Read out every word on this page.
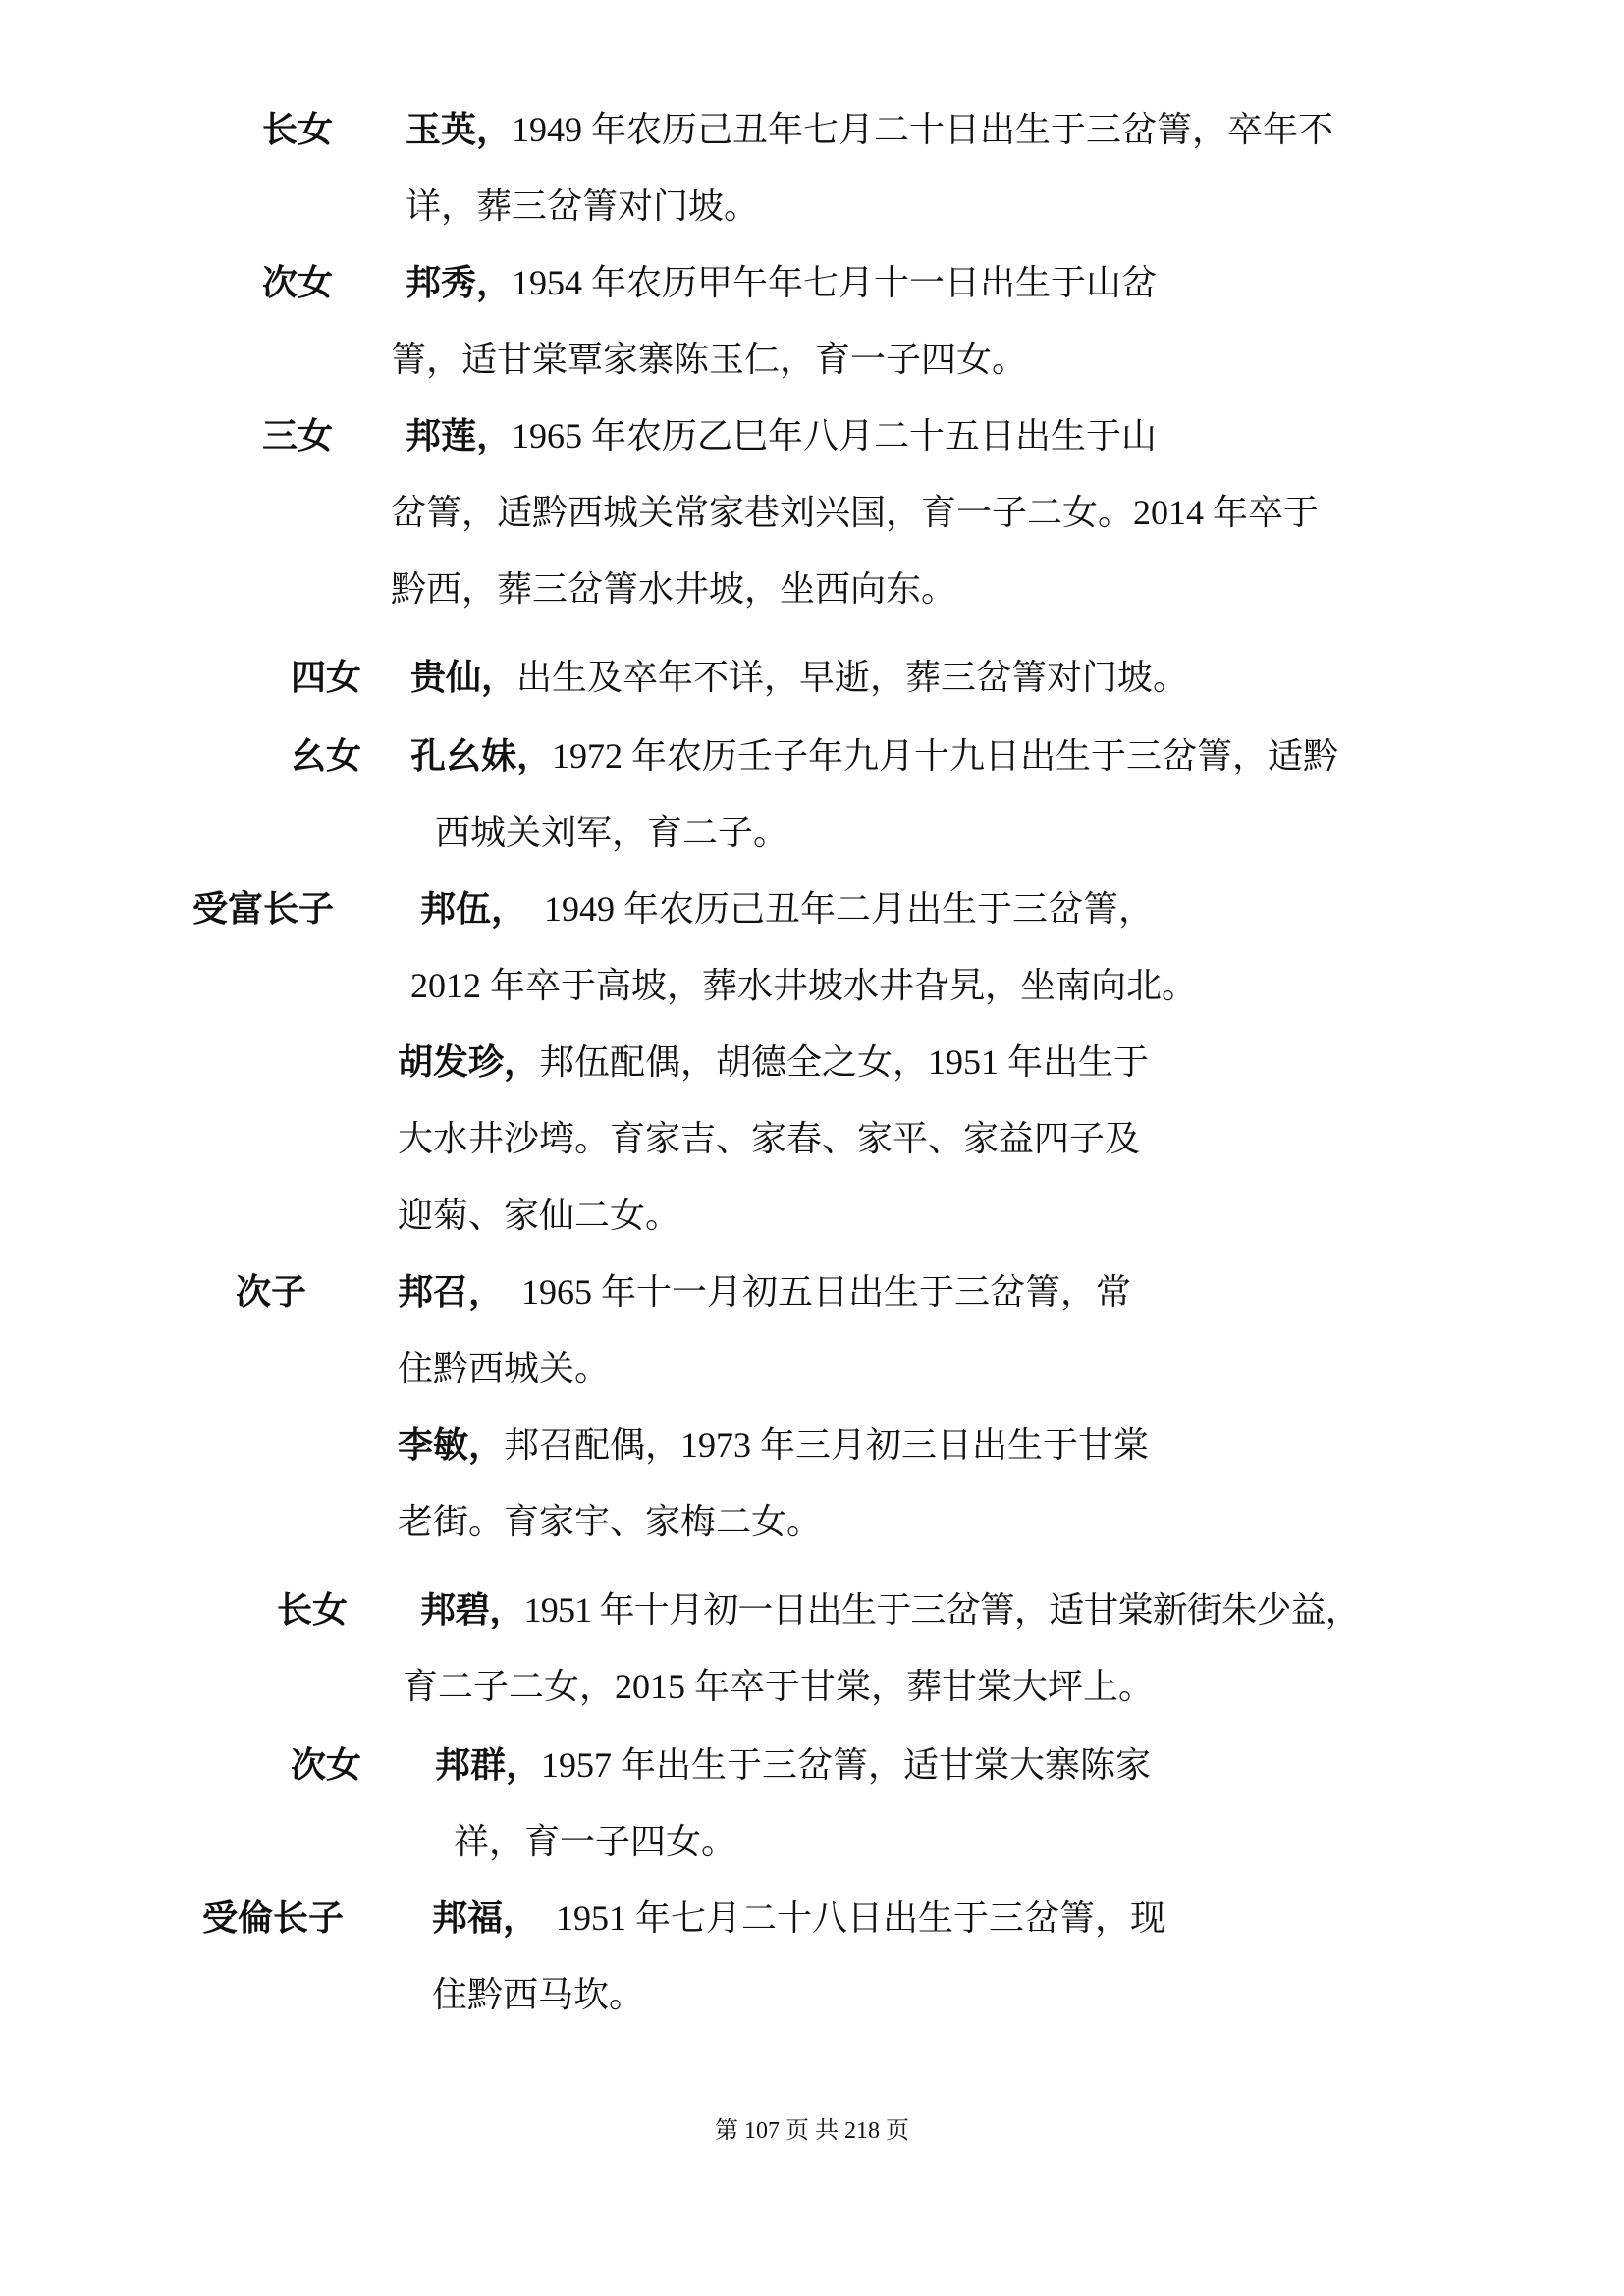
长女 玉英，1949 年农历己丑年七月二十日出生于三岔箐，卒年不
详，葬三岔箐对门坡。
次女 邦秀，1954 年农历甲午年七月十一日出生于山岔
箐，适甘棠覃家寨陈玉仁，育一子四女。
三女 邦莲，1965 年农历乙巳年八月二十五日出生于山
岔箐，适黔西城关常家巷刘兴国，育一子二女。2014 年卒于
黔西，葬三岔箐水井坡，坐西向东。
四女 贵仙，出生及卒年不详，早逝，葬三岔箐对门坡。
幺女 孔幺妹，1972 年农历壬子年九月十九日出生于三岔箐，适黔
西城关刘军，育二子。
受富长子 邦伍， 1949 年农历己丑年二月出生于三岔箐，
2012 年卒于高坡，葬水井坡水井旮旯，坐南向北。
胡发珍，邦伍配偶，胡德全之女，1951 年出生于
大水井沙塆。育家吉、家春、家平、家益四子及
迎菊、家仙二女。
次子	邦召， 1965 年十一月初五日出生于三岔箐，常
住黔西城关。
李敏，邦召配偶，1973 年三月初三日出生于甘棠
老街。育家宇、家梅二女。
长女 邦碧，1951 年十月初一日出生于三岔箐，适甘棠新街朱少益，
育二子二女，2015 年卒于甘棠，葬甘棠大坪上。
次女 邦群，1957 年出生于三岔箐，适甘棠大寨陈家
祥，育一子四女。
受倫长子 邦福， 1951 年七月二十八日出生于三岔箐，现
住黔西马坎。
第 107 页 共 218 页
